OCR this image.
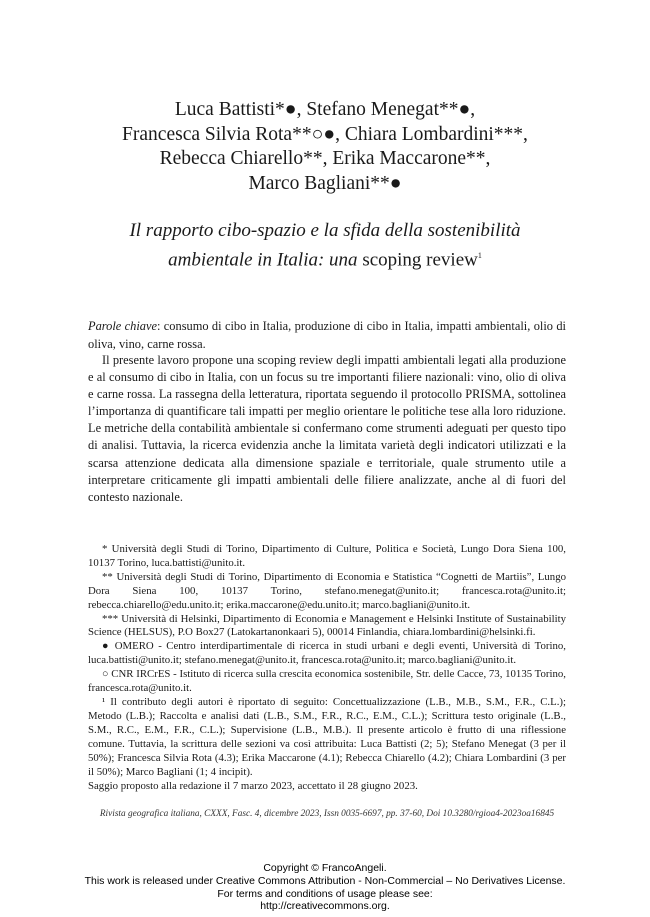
Luca Battisti*●, Stefano Menegat**●,
Francesca Silvia Rota**○●, Chiara Lombardini***,
Rebecca Chiarello**, Erika Maccarone**,
Marco Bagliani**●
Il rapporto cibo-spazio e la sfida della sostenibilità
ambientale in Italia: una scoping review$^1$

Parole chiave: consumo di cibo in Italia, produzione di cibo in Italia, impatti ambientali, olio di oliva, vino, carne rossa.

Il presente lavoro propone una scoping review degli impatti ambientali legati alla produzione e al consumo di cibo in Italia, con un focus su tre importanti filiere nazionali: vino, olio di oliva e carne rossa. La rassegna della letteratura, riportata seguendo il protocollo PRISMA, sottolinea l’importanza di quantificare tali impatti per meglio orientare le politiche tese alla loro riduzione. Le metriche della contabilità ambientale si confermano come strumenti adeguati per questo tipo di analisi. Tuttavia, la ricerca evidenzia anche la limitata varietà degli indicatori utilizzati e la scarsa attenzione dedicata alla dimensione spaziale e territoriale, quale strumento utile a interpretare criticamente gli impatti ambientali delle filiere analizzate, anche al di fuori del contesto nazionale.

* Università degli Studi di Torino, Dipartimento di Culture, Politica e Società, Lungo Dora Siena 100, 10137 Torino, luca.battisti@unito.it.

** Università degli Studi di Torino, Dipartimento di Economia e Statistica “Cognetti de Martiis”, Lungo Dora Siena 100, 10137 Torino, stefano.menegat@unito.it; francesca.rota@unito.it; rebecca.chiarello@edu.unito.it; erika.maccarone@edu.unito.it; marco.bagliani@unito.it.

*** Università di Helsinki, Dipartimento di Economia e Management e Helsinki Institute of Sustainability Science (HELSUS), P.O Box27 (Latokartanonkaari 5), 00014 Finlandia, chiara.lombardini@helsinki.fi.

● OMERO - Centro interdipartimentale di ricerca in studi urbani e degli eventi, Università di Torino, luca.battisti@unito.it; stefano.menegat@unito.it, francesca.rota@unito.it; marco.bagliani@unito.it.

○ CNR IRCrES - Istituto di ricerca sulla crescita economica sostenibile, Str. delle Cacce, 73, 10135 Torino, francesca.rota@unito.it.

¹ Il contributo degli autori è riportato di seguito: Concettualizzazione (L.B., M.B., S.M., F.R., C.L.); Metodo (L.B.); Raccolta e analisi dati (L.B., S.M., F.R., R.C., E.M., C.L.); Scrittura testo originale (L.B., S.M., R.C., E.M., F.R., C.L.); Supervisione (L.B., M.B.). Il presente articolo è frutto di una riflessione comune. Tuttavia, la scrittura delle sezioni va così attribuita: Luca Battisti (2; 5); Stefano Menegat (3 per il 50%); Francesca Silvia Rota (4.3); Erika Maccarone (4.1); Rebecca Chiarello (4.2); Chiara Lombardini (3 per il 50%); Marco Bagliani (1; 4 incipit).

Saggio proposto alla redazione il 7 marzo 2023, accettato il 28 giugno 2023.

Rivista geografica italiana, CXXX, Fasc. 4, dicembre 2023, Issn 0035-6697, pp. 37-60, Doi 10.3280/rgioa4-2023oa16845
Copyright © FrancoAngeli.
This work is released under Creative Commons Attribution - Non-Commercial – No Derivatives License.
For terms and conditions of usage please see:
http://creativecommons.org.
